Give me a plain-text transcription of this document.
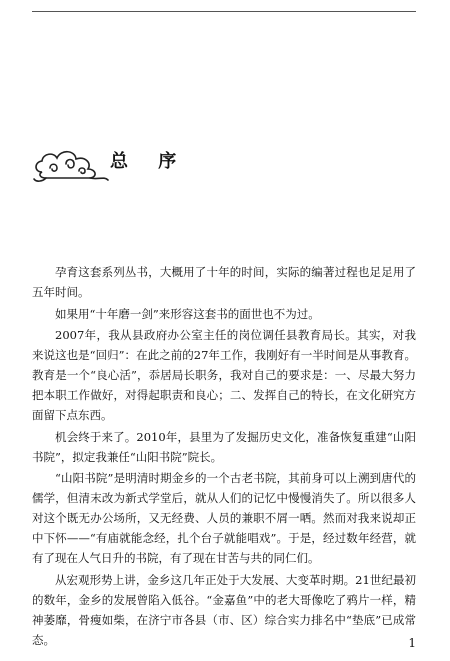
总 序

孕育这套系列丛书，大概用了十年的时间，实际的编著过程也足足用了五年时间。

如果用“十年磨一剑”来形容这套书的面世也不为过。

2007年，我从县政府办公室主任的岗位调任县教育局长。其实，对我来说这也是“回归”：在此之前的27年工作，我刚好有一半时间是从事教育。教育是一个“良心活”，忝居局长职务，我对自己的要求是：一、尽最大努力把本职工作做好，对得起职责和良心；二、发挥自己的特长，在文化研究方面留下点东西。

机会终于来了。2010年，县里为了发掘历史文化，准备恢复重建“山阳书院”，拟定我兼任“山阳书院”院长。

“山阳书院”是明清时期金乡的一个古老书院，其前身可以上溯到唐代的儒学，但清末改为新式学堂后，就从人们的记忆中慢慢消失了。所以很多人对这个既无办公场所，又无经费、人员的兼职不屑一哂。然而对我来说却正中下怀——“有庙就能念经，扎个台子就能唱戏”。于是，经过数年经营，就有了现在人气日升的书院，有了现在甘苦与共的同仁们。

从宏观形势上讲，金乡这几年正处于大发展、大变革时期。21世纪最初的数年，金乡的发展曾陷入低谷。“金嘉鱼”中的老大哥像吃了鸦片一样，精神萎靡，骨瘦如柴，在济宁市各县（市、区）综合实力排名中“垫底”已成常态。	1
